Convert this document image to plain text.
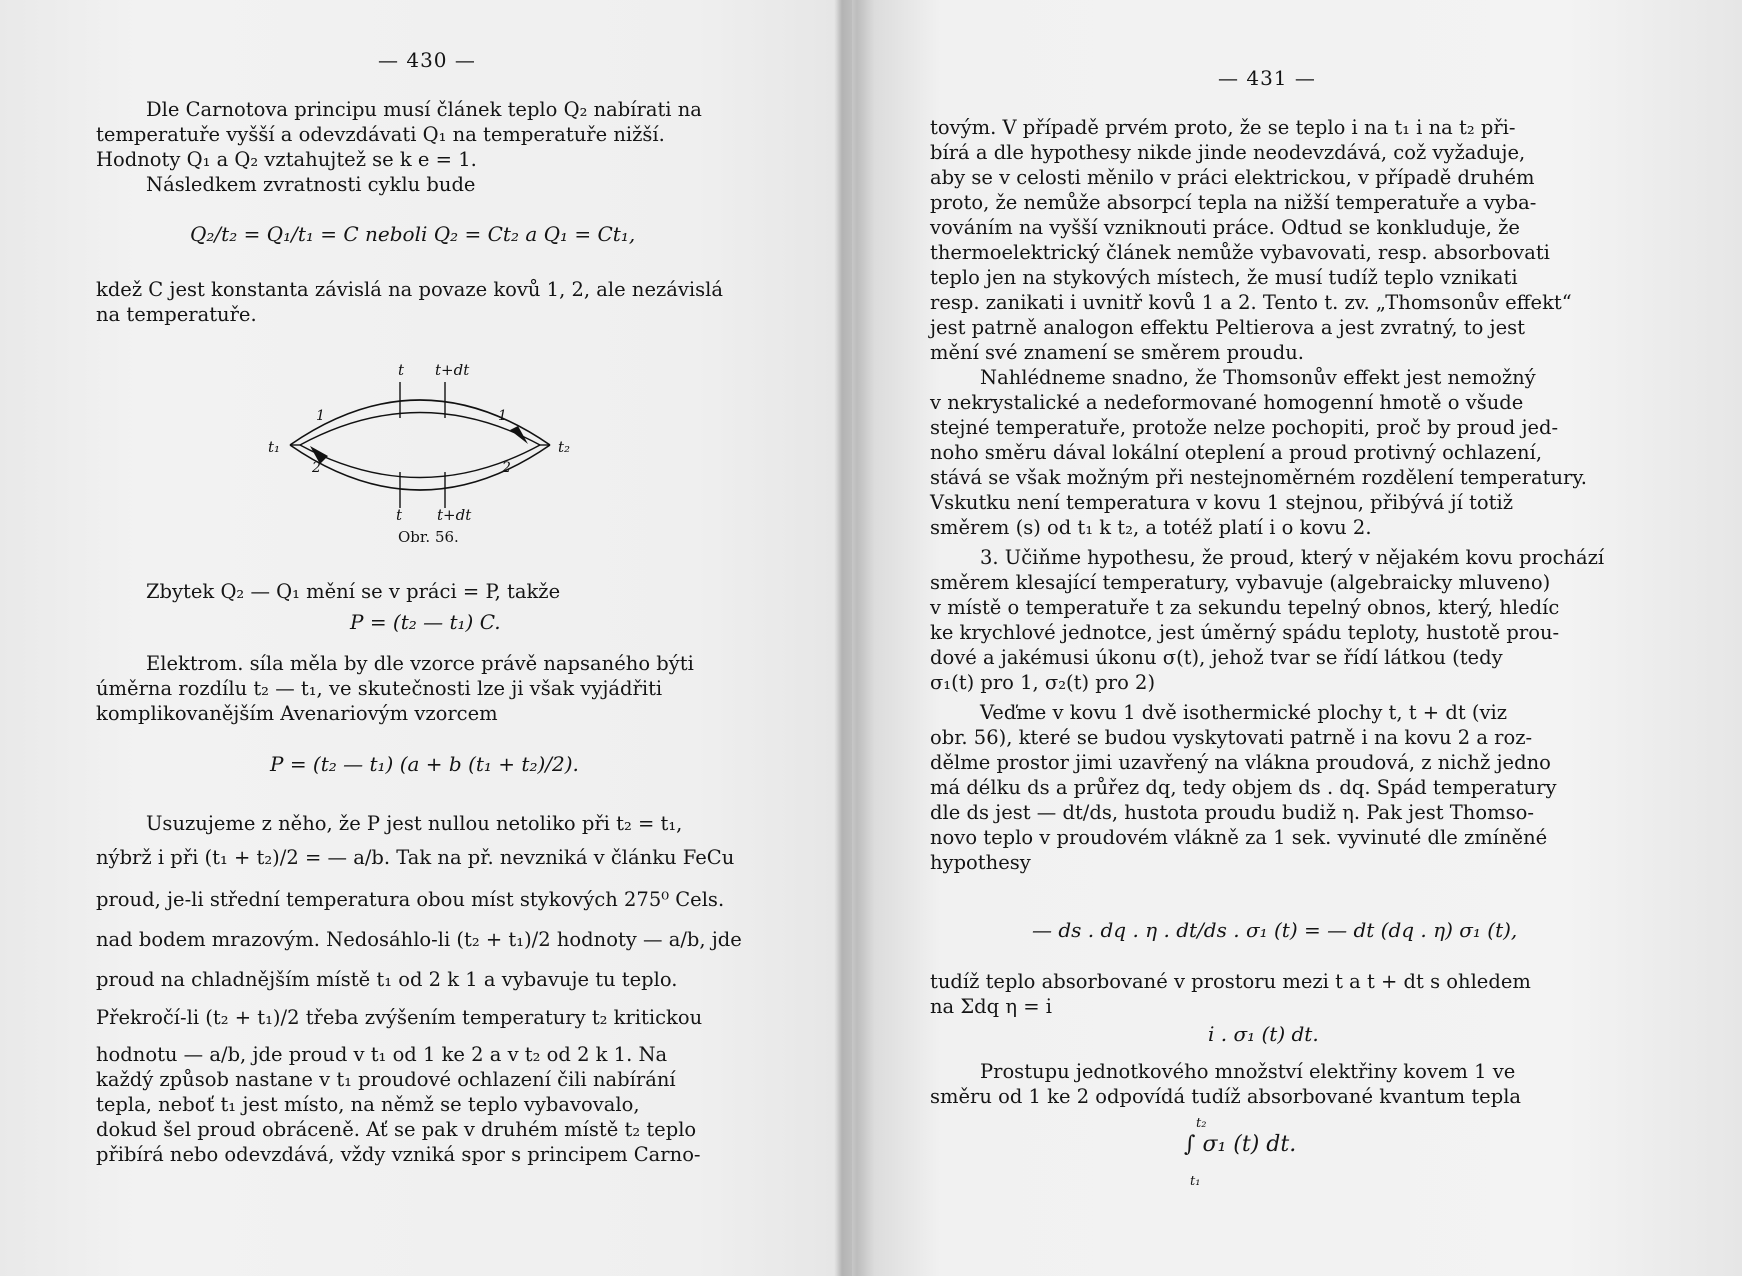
— 430 —
Dle Carnotova principu musí článek teplo Q₂ nabírati na
temperatuře vyšší a odevzdávati Q₁ na temperatuře nižší.
Hodnoty Q₁ a Q₂ vztahujtež se k e = 1.
Následkem zvratnosti cyklu bude
Q₂/t₂ = Q₁/t₁ = C neboli Q₂ = Ct₂ a Q₁ = Ct₁,
kdež C jest konstanta závislá na povaze kovů 1, 2, ale nezávislá
na temperatuře.
t t+dt
1	1
2	2
t₁	t₂
t t+dt
Obr. 56.
Zbytek Q₂ — Q₁ mění se v práci = P, takže
P = (t₂ — t₁) C.
Elektrom. síla měla by dle vzorce právě napsaného býti
úměrna rozdílu t₂ — t₁, ve skutečnosti lze ji však vyjádřiti
komplikovanějším Avenariovým vzorcem
P = (t₂ — t₁) (a + b (t₁ + t₂)/2).
Usuzujeme z něho, že P jest nullou netoliko při t₂ = t₁,
nýbrž i při (t₁ + t₂)/2 = — a/b. Tak na př. nevzniká v článku FeCu
proud, je-li střední temperatura obou míst stykových 275⁰ Cels.
nad bodem mrazovým. Nedosáhlo-li (t₂ + t₁)/2 hodnoty — a/b, jde
proud na chladnějším místě t₁ od 2 k 1 a vybavuje tu teplo.
Překročí-li (t₂ + t₁)/2 třeba zvýšením temperatury t₂ kritickou
hodnotu — a/b, jde proud v t₁ od 1 ke 2 a v t₂ od 2 k 1. Na
každý způsob nastane v t₁ proudové ochlazení čili nabírání
tepla, neboť t₁ jest místo, na němž se teplo vybavovalo,
dokud šel proud obráceně. Ať se pak v druhém místě t₂ teplo
přibírá nebo odevzdává, vždy vzniká spor s principem Carno-
— 431 —
tovým. V případě prvém proto, že se teplo i na t₁ i na t₂ při-
bírá a dle hypothesy nikde jinde neodevzdává, což vyžaduje,
aby se v celosti měnilo v práci elektrickou, v případě druhém
proto, že nemůže absorpcí tepla na nižší temperatuře a vyba-
vováním na vyšší vzniknouti práce. Odtud se konkluduje, že
thermoelektrický článek nemůže vybavovati, resp. absorbovati
teplo jen na stykových místech, že musí tudíž teplo vznikati
resp. zanikati i uvnitř kovů 1 a 2. Tento t. zv. „Thomsonův effekt“
jest patrně analogon effektu Peltierova a jest zvratný, to jest
mění své znamení se směrem proudu.
Nahlédneme snadno, že Thomsonův effekt jest nemožný
v nekrystalické a nedeformované homogenní hmotě o všude
stejné temperatuře, protože nelze pochopiti, proč by proud jed-
noho směru dával lokální oteplení a proud protivný ochlazení,
stává se však možným při nestejnoměrném rozdělení temperatury.
Vskutku není temperatura v kovu 1 stejnou, přibývá jí totiž
směrem (s) od t₁ k t₂, a totéž platí i o kovu 2.
3. Učiňme hypothesu, že proud, který v nějakém kovu prochází
směrem klesající temperatury, vybavuje (algebraicky mluveno)
v místě o temperatuře t za sekundu tepelný obnos, který, hledíc
ke krychlové jednotce, jest úměrný spádu teploty, hustotě prou-
dové a jakémusi úkonu σ(t), jehož tvar se řídí látkou (tedy
σ₁(t) pro 1, σ₂(t) pro 2)
Veďme v kovu 1 dvě isothermické plochy t, t + dt (viz
obr. 56), které se budou vyskytovati patrně i na kovu 2 a roz-
dělme prostor jimi uzavřený na vlákna proudová, z nichž jedno
má délku ds a průřez dq, tedy objem ds . dq. Spád temperatury
dle ds jest — dt/ds, hustota proudu budiž η. Pak jest Thomso-
novo teplo v proudovém vlákně za 1 sek. vyvinuté dle zmíněné
hypothesy
— ds . dq . η . dt/ds . σ₁ (t) = — dt (dq . η) σ₁ (t),
tudíž teplo absorbované v prostoru mezi t a t + dt s ohledem
na Σdq η = i
i . σ₁ (t) dt.
Prostupu jednotkového množství elektřiny kovem 1 ve
směru od 1 ke 2 odpovídá tudíž absorbované kvantum tepla
t₂
∫ σ₁ (t) dt.
t₁
